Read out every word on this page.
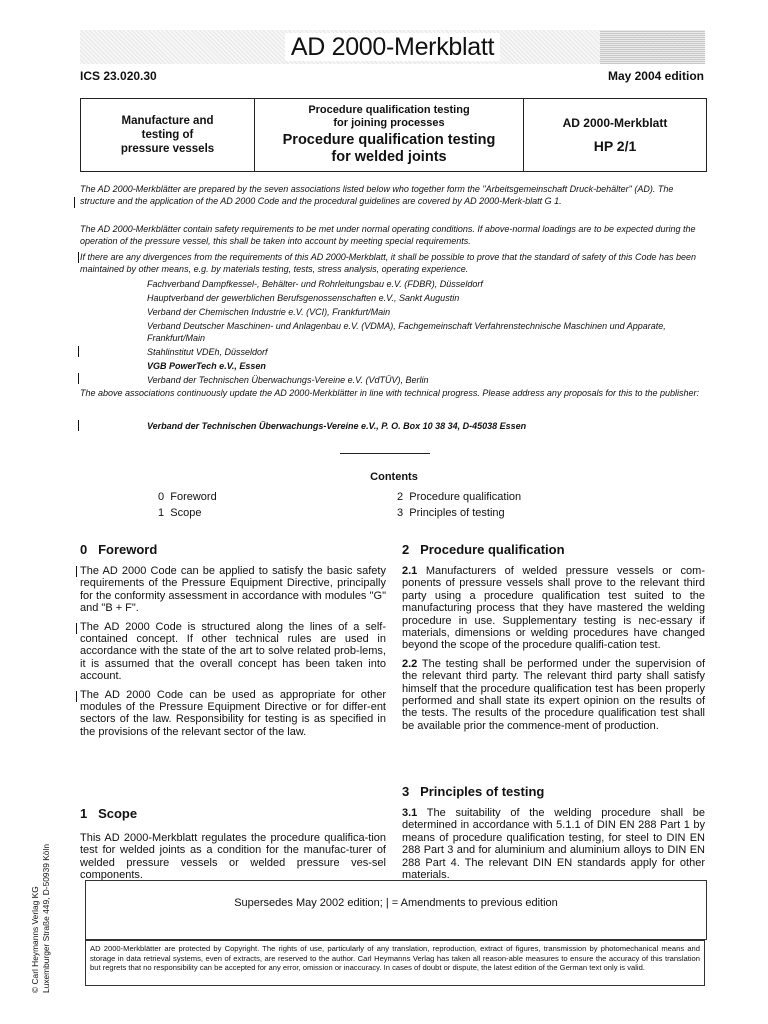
AD 2000-Merkblatt
ICS 23.020.30	May 2004 edition
Manufacture and
testing of
pressure vessels
Procedure qualification testing
for joining processes
Procedure qualification testing
for welded joints
AD 2000-Merkblatt
HP 2/1
The AD 2000-Merkblätter are prepared by the seven associations listed below who together form the "Arbeitsgemeinschaft Druck-behälter" (AD). The structure and the application of the AD 2000 Code and the procedural guidelines are covered by AD 2000-Merk-blatt G 1.
The AD 2000-Merkblätter contain safety requirements to be met under normal operating conditions. If above-normal loadings are to be expected during the operation of the pressure vessel, this shall be taken into account by meeting special requirements.
If there are any divergences from the requirements of this AD 2000-Merkblatt, it shall be possible to prove that the standard of safety of this Code has been maintained by other means, e.g. by materials testing, tests, stress analysis, operating experience.
Fachverband Dampfkessel-, Behälter- und Rohrleitungsbau e.V. (FDBR), Düsseldorf
Hauptverband der gewerblichen Berufsgenossenschaften e.V., Sankt Augustin
Verband der Chemischen Industrie e.V. (VCI), Frankfurt/Main
Verband Deutscher Maschinen- und Anlagenbau e.V. (VDMA), Fachgemeinschaft Verfahrenstechnische Maschinen und Apparate, Frankfurt/Main
Stahlinstitut VDEh, Düsseldorf
VGB PowerTech e.V., Essen
Verband der Technischen Überwachungs-Vereine e.V. (VdTÜV), Berlin
The above associations continuously update the AD 2000-Merkblätter in line with technical progress. Please address any proposals for this to the publisher:
Verband der Technischen Überwachungs-Vereine e.V., P. O. Box 10 38 34, D-45038 Essen
Contents
0 Foreword
1 Scope
2 Procedure qualification
3 Principles of testing
0 Foreword

The AD 2000 Code can be applied to satisfy the basic safety requirements of the Pressure Equipment Directive, principally for the conformity assessment in accordance with modules "G" and "B + F".

The AD 2000 Code is structured along the lines of a self-contained concept. If other technical rules are used in accordance with the state of the art to solve related prob-lems, it is assumed that the overall concept has been taken into account.

The AD 2000 Code can be used as appropriate for other modules of the Pressure Equipment Directive or for differ-ent sectors of the law. Responsibility for testing is as specified in the provisions of the relevant sector of the law.

1 Scope

This AD 2000-Merkblatt regulates the procedure qualifica-tion test for welded joints as a condition for the manufac-turer of welded pressure vessels or welded pressure ves-sel components.

2 Procedure qualification

2.1 Manufacturers of welded pressure vessels or com-ponents of pressure vessels shall prove to the relevant third party using a procedure qualification test suited to the manufacturing process that they have mastered the welding procedure in use. Supplementary testing is nec-essary if materials, dimensions or welding procedures have changed beyond the scope of the procedure qualifi-cation test.

2.2 The testing shall be performed under the supervision of the relevant third party. The relevant third party shall satisfy himself that the procedure qualification test has been properly performed and shall state its expert opinion on the results of the tests. The results of the procedure qualification test shall be available prior the commence-ment of production.

3 Principles of testing

3.1 The suitability of the welding procedure shall be determined in accordance with 5.1.1 of DIN EN 288 Part 1 by means of procedure qualification testing, for steel to DIN EN 288 Part 3 and for aluminium and aluminium alloys to DIN EN 288 Part 4. The relevant DIN EN standards apply for other materials.

Supersedes May 2002 edition; | = Amendments to previous edition
AD 2000-Merkblätter are protected by Copyright. The rights of use, particularly of any translation, reproduction, extract of figures, transmission by photomechanical means and storage in data retrieval systems, even of extracts, are reserved to the author. Carl Heymanns Verlag has taken all reason-able measures to ensure the accuracy of this translation but regrets that no responsibility can be accepted for any error, omission or inaccuracy. In cases of doubt or dispute, the latest edition of the German text only is valid.
© Carl Heymanns Verlag KG Luxemburger Straße 449, D-50939 Köln
